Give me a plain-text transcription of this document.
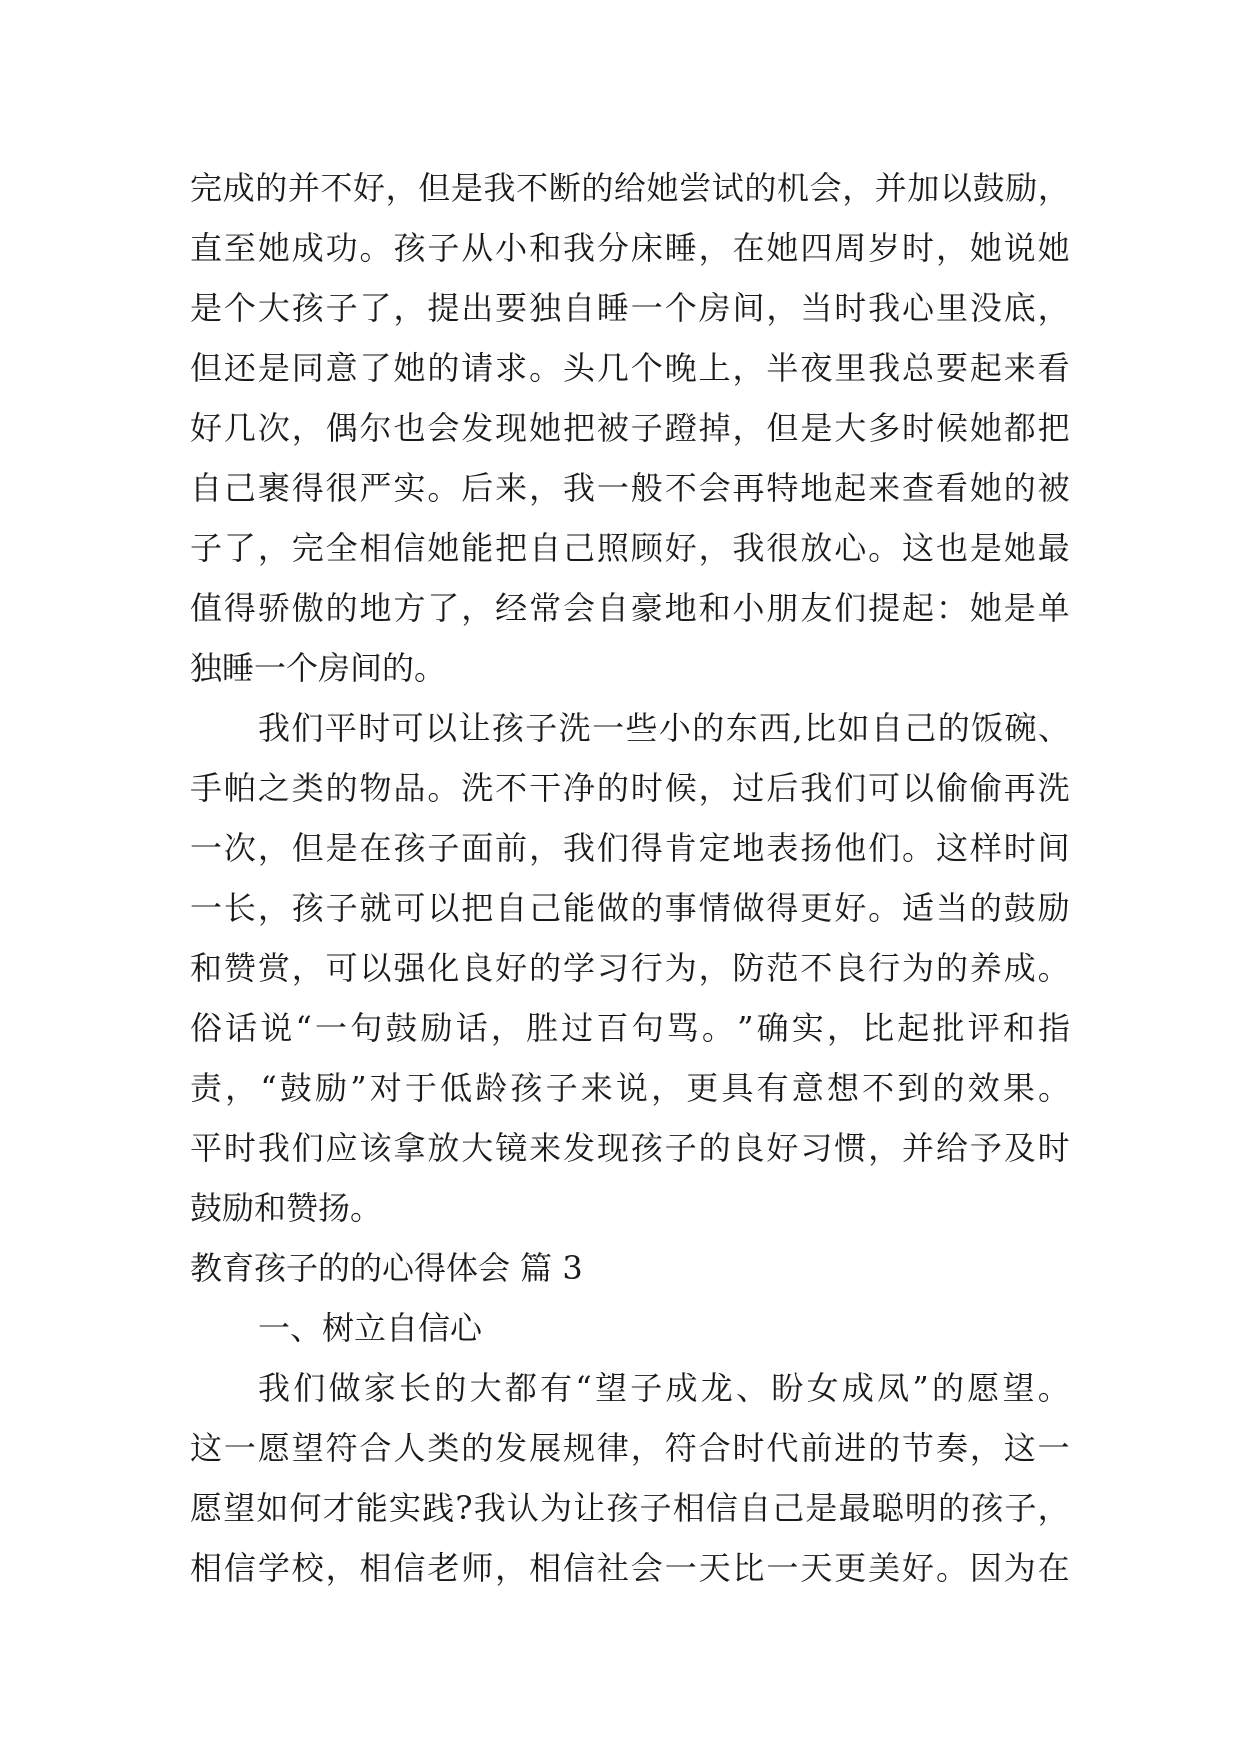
完 成 的 并 不 好 ， 但 是 我 不 断 的 给 她 尝 试 的 机 会 ， 并 加 以 鼓 励 ，
直 至 她 成 功 。 孩 子 从 小 和 我 分 床 睡 ， 在 她 四 周 岁 时 ， 她 说 她
是 个 大 孩 子 了 ， 提 出 要 独 自 睡 一 个 房 间 ， 当 时 我 心 里 没 底 ，
但 还 是 同 意 了 她 的 请 求 。 头 几 个 晚 上 ， 半 夜 里 我 总 要 起 来 看
好 几 次 ， 偶 尔 也 会 发 现 她 把 被 子 蹬 掉 ， 但 是 大 多 时 候 她 都 把
自 己 裹 得 很 严 实 。 后 来 ， 我 一 般 不 会 再 特 地 起 来 查 看 她 的 被
子 了 ， 完 全 相 信 她 能 把 自 己 照 顾 好 ， 我 很 放 心 。 这 也 是 她 最
值 得 骄 傲 的 地 方 了 ， 经 常 会 自 豪 地 和 小 朋 友 们 提 起 ： 她 是 单
独睡一个房间的。
我 们 平 时 可 以 让 孩 子 洗 一 些 小 的 东 西 , 比 如 自 己 的 饭 碗 、
手 帕 之 类 的 物 品 。 洗 不 干 净 的 时 候 ， 过 后 我 们 可 以 偷 偷 再 洗
一 次 ， 但 是 在 孩 子 面 前 ， 我 们 得 肯 定 地 表 扬 他 们 。 这 样 时 间
一 长 ， 孩 子 就 可 以 把 自 己 能 做 的 事 情 做 得 更 好 。 适 当 的 鼓 励
和 赞 赏 ， 可 以 强 化 良 好 的 学 习 行 为 ， 防 范 不 良 行 为 的 养 成 。
俗 话 说 “ 一 句 鼓 励 话 ， 胜 过 百 句 骂 。 ” 确 实 ， 比 起 批 评 和 指
责 ， “ 鼓 励 ” 对 于 低 龄 孩 子 来 说 ， 更 具 有 意 想 不 到 的 效 果 。
平 时 我 们 应 该 拿 放 大 镜 来 发 现 孩 子 的 良 好 习 惯 ， 并 给 予 及 时
鼓励和赞扬。
教育孩子的的心得体会 篇 3
一、树立自信心
我 们 做 家 长 的 大 都 有 “ 望 子 成 龙 、 盼 女 成 凤 ” 的 愿 望 。
这 一 愿 望 符 合 人 类 的 发 展 规 律 ， 符 合 时 代 前 进 的 节 奏 ， 这 一
愿 望 如 何 才 能 实 践 ? 我 认 为 让 孩 子 相 信 自 己 是 最 聪 明 的 孩 子 ，
相 信 学 校 ， 相 信 老 师 ， 相 信 社 会 一 天 比 一 天 更 美 好 。 因 为 在
